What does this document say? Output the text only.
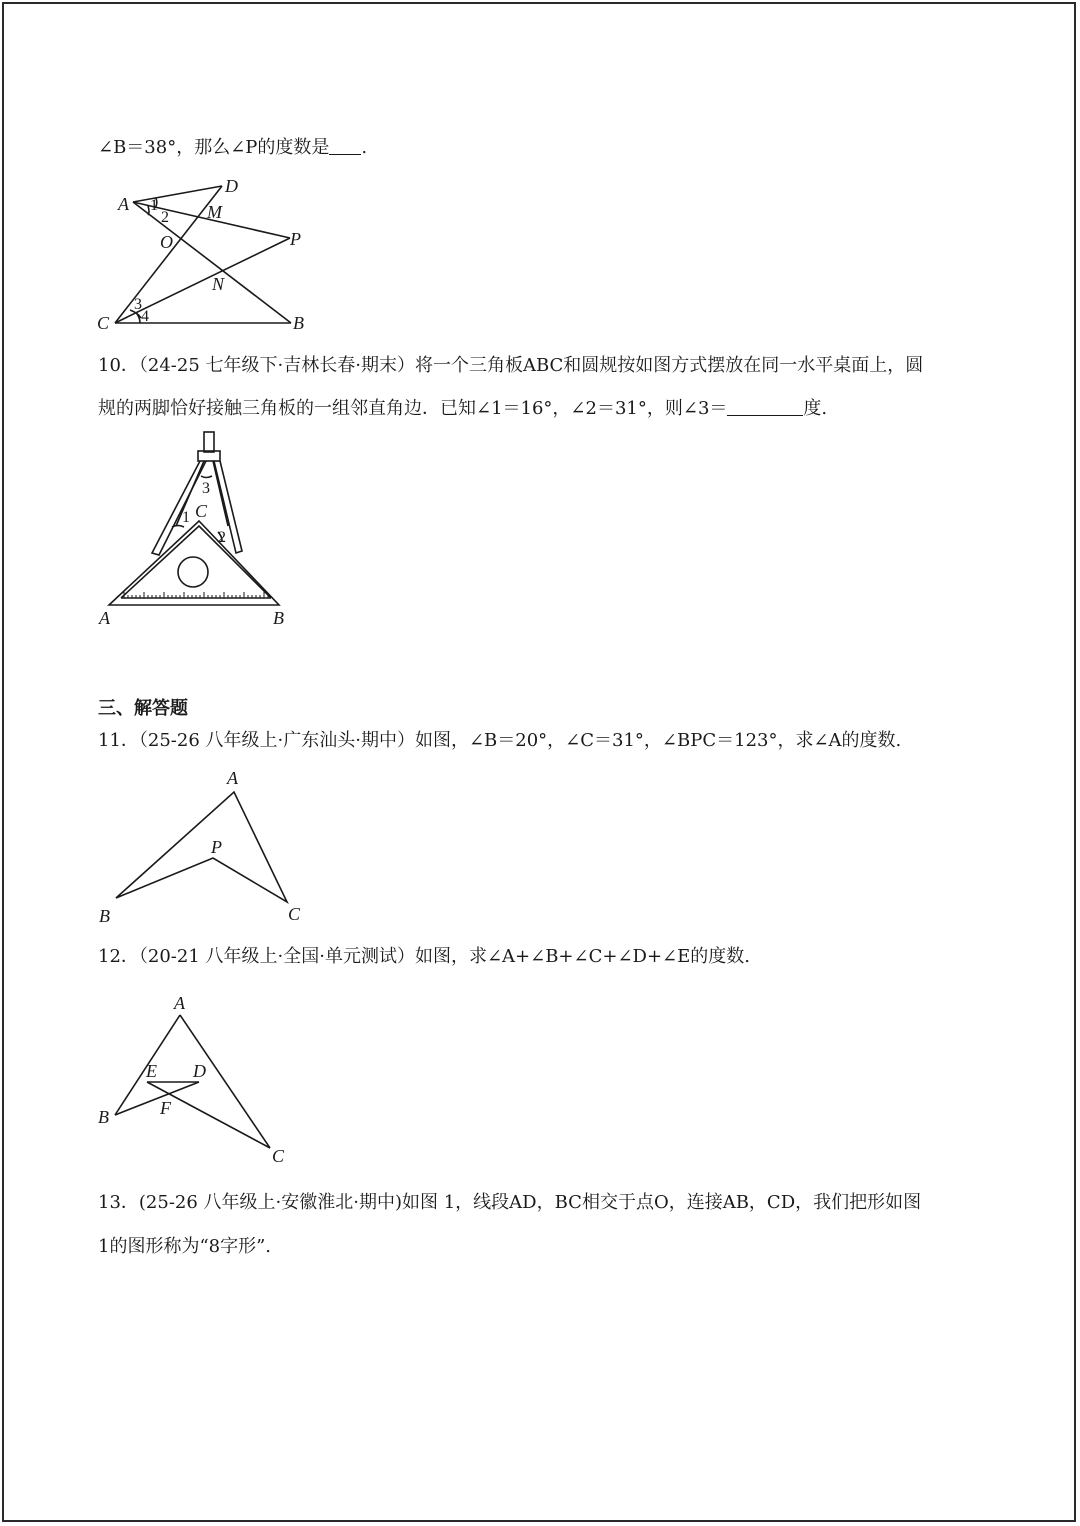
∠B＝38°，那么∠P的度数是 .
A
D
M
O	P
N
C	B
1
2
3
4
10．（24-25 七年级下·吉林长春·期末）将一个三角板ABC和圆规按如图方式摆放在同一水平桌面上，圆
规的两脚恰好接触三角板的一组邻直角边．已知∠1＝16°，∠2＝31°，则∠3＝	度.
A	B
C
1
2
3
三、解答题
11．（25-26 八年级上·广东汕头·期中）如图，∠B＝20°，∠C＝31°，∠BPC＝123°，求∠A的度数.
A
P
B	C
12．（20-21 八年级上·全国·单元测试）如图，求∠A+∠B+∠C+∠D+∠E的度数.
A
E D
F
B
C
13．(25-26 八年级上·安徽淮北·期中)如图 1，线段AD，BC相交于点O，连接AB，CD，我们把形如图
1的图形称为“8字形”.
